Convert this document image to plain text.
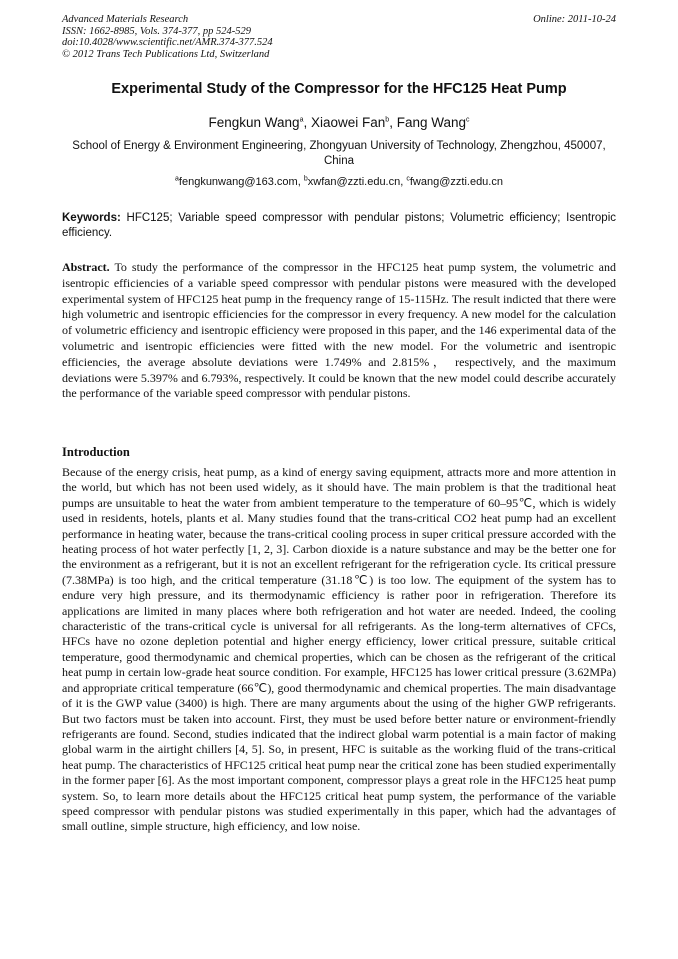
Advanced Materials Research
ISSN: 1662-8985, Vols. 374-377, pp 524-529
doi:10.4028/www.scientific.net/AMR.374-377.524
© 2012 Trans Tech Publications Ltd, Switzerland
Online: 2011-10-24
Experimental Study of the Compressor for the HFC125 Heat Pump
Fengkun Wang$^a$, Xiaowei Fan$^b$, Fang Wang$^c$
School of Energy & Environment Engineering, Zhongyuan University of Technology, Zhengzhou, 450007, China
$^a$fengkunwang@163.com, $^b$xwfan@zzti.edu.cn, $^c$fwang@zzti.edu.cn
Keywords: HFC125; Variable speed compressor with pendular pistons; Volumetric efficiency; Isentropic efficiency.
Abstract. To study the performance of the compressor in the HFC125 heat pump system, the volumetric and isentropic efficiencies of a variable speed compressor with pendular pistons were measured with the developed experimental system of HFC125 heat pump in the frequency range of 15-115Hz. The result indicted that there were high volumetric and isentropic efficiencies for the compressor in every frequency. A new model for the calculation of volumetric efficiency and isentropic efficiency were proposed in this paper, and the 146 experimental data of the volumetric and isentropic efficiencies were fitted with the new model. For the volumetric and isentropic efficiencies, the average absolute deviations were 1.749% and 2.815%， respectively, and the maximum deviations were 5.397% and 6.793%, respectively. It could be known that the new model could describe accurately the performance of the variable speed compressor with pendular pistons.
Introduction
Because of the energy crisis, heat pump, as a kind of energy saving equipment, attracts more and more attention in the world, but which has not been used widely, as it should have. The main problem is that the traditional heat pumps are unsuitable to heat the water from ambient temperature to the temperature of 60–95℃, which is widely used in residents, hotels, plants et al. Many studies found that the trans-critical CO2 heat pump had an excellent performance in heating water, because the trans-critical cooling process in super critical pressure accorded with the heating process of hot water perfectly [1, 2, 3]. Carbon dioxide is a nature substance and may be the better one for the environment as a refrigerant, but it is not an excellent refrigerant for the refrigeration cycle. Its critical pressure (7.38MPa) is too high, and the critical temperature (31.18℃) is too low. The equipment of the system has to endure very high pressure, and its thermodynamic efficiency is rather poor in refrigeration. Therefore its applications are limited in many places where both refrigeration and hot water are needed. Indeed, the cooling characteristic of the trans-critical cycle is universal for all refrigerants. As the long-term alternatives of CFCs, HFCs have no ozone depletion potential and higher energy efficiency, lower critical pressure, suitable critical temperature, good thermodynamic and chemical properties, which can be chosen as the refrigerant of the critical heat pump in certain low-grade heat source condition. For example, HFC125 has lower critical pressure (3.62MPa) and appropriate critical temperature (66℃), good thermodynamic and chemical properties. The main disadvantage of it is the GWP value (3400) is high. There are many arguments about the using of the higher GWP refrigerants. But two factors must be taken into account. First, they must be used before better nature or environment-friendly refrigerants are found. Second, studies indicated that the indirect global warm potential is a main factor of making global warm in the airtight chillers [4, 5]. So, in present, HFC is suitable as the working fluid of the trans-critical heat pump. The characteristics of HFC125 critical heat pump near the critical zone has been studied experimentally in the former paper [6]. As the most important component, compressor plays a great role in the HFC125 heat pump system. So, to learn more details about the HFC125 critical heat pump system, the performance of the variable speed compressor with pendular pistons was studied experimentally in this paper, which had the advantages of small outline, simple structure, high efficiency, and low noise.
